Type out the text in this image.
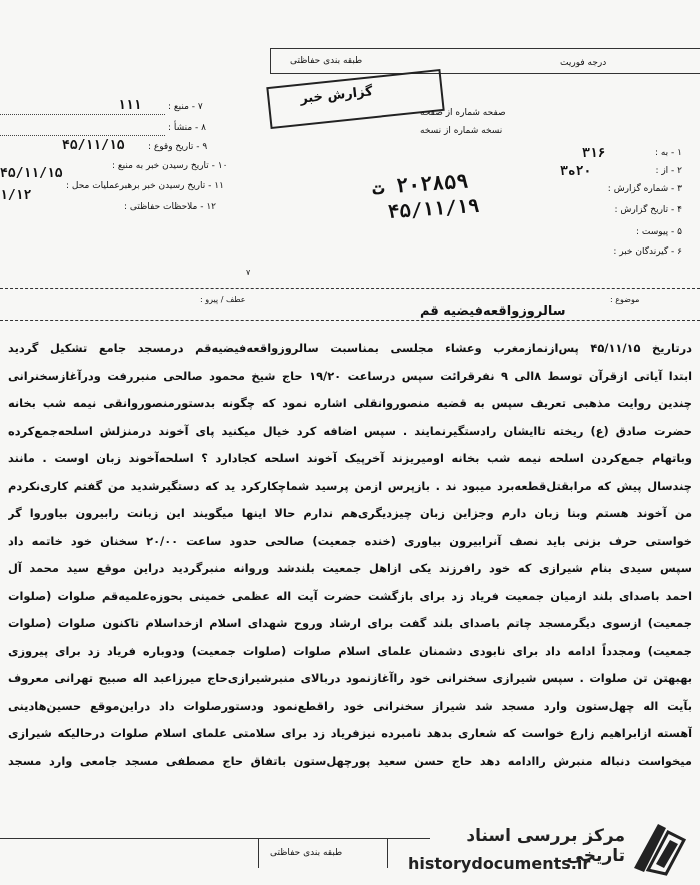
طبقه بندی حفاظتی	درجه فوریت
گزارش خبر
صفحه شماره از صفحه
نسخه شماره از نسخه
۱ - به :
۳۱۶
۲ - از :
۲۰ه۳
۳ - شماره گزارش :
۴ - تاریخ گزارش :
۵ - پیوست :
۶ - گیرندگان خبر :
۲۰۲۸۵۹ ت
۴۵/۱۱/۱۹
۷ - منبع :
۱۱۱
۸ - منشأ :
۹ - تاریخ وقوع :
۴۵/۱۱/۱۵
۱۰ - تاریخ رسیدن خبر به منبع :
۱۱ - تاریخ رسیدن خبر برهبرعملیات محل :
۴۵/۱۱/۱۵
۱۲ - ملاحظات حفاظتی :
۱/۱۲
۷
عطف / پیرو :	موضوع :
سالروزواقعه‌فیضیه قم
درتاریخ ۴۵/۱۱/۱۵ پس‌ازنمازمغرب وعشاء مجلسی بمناسبت سالروزواقعه‌فیضیه‌قم درمسجد جامع تشکیل گردید
ابتدا آیاتی ازقرآن توسط ۸الی ۹ نفرقرائت سپس درساعت ۱۹/۲۰ حاج شیخ محمود صالحی منبررفت ودرآغازسخنرانی
چندین روایت مذهبی تعریف سپس به قضیه منصوروانقلی اشاره نمود که چگونه بدستورمنصوروانقی نیمه شب بخانه
حضرت صادق (ع) ریخته تاایشان رادستگیرنمایند . سپس اضافه کرد خیال میکنید پای آخوند درمنزلش اسلحه‌جمع‌کرده
وباتهام جمع‌کردن اسلحه نیمه شب بخانه اومیریزند آخرپیک آخوند اسلحه کجادارد ؟ اسلحه‌آخوند زبان اوست . مانند
چندسال پیش که مرابقتل‌قطعه‌برد میبود ند . بازپرس ازمن پرسید شماچکارکرد ید که دستگیرشدید من گفتم کاری‌نکردم
من آخوند هستم وبنا زبان دارم وجزاین زبان چیزدیگری‌هم ندارم حالا اینها میگویند این زبانت رابیرون بیاوروا گر
خواستی حرف بزنی باید نصف آنرابیرون بیاوری (خنده جمعیت) صالحی حدود ساعت ۲۰/۰۰ سخنان خود خاتمه داد
سپس سیدی بنام شیرازی که خود رافرزند یکی ازاهل جمعیت بلندشد وروانه منبرگردید دراین موقع سید محمد آل
احمد باصدای بلند ازمیان جمعیت فریاد زد برای بازگشت حضرت آیت اله عظمی خمینی بحوزه‌علمیه‌قم صلوات (صلوات
جمعیت) ازسوی دیگرمسجد چاتم باصدای بلند گفت برای ارشاد وروح شهدای اسلام ازخداسلام تاکنون صلوات (صلوات
جمعیت) ومجدداً ادامه داد برای نابودی دشمنان علمای اسلام صلوات (صلوات جمعیت) ودوباره فریاد زد برای پیروزی
بهبهتن تن صلوات . سپس شیرازی سخنرانی خود راآغازنمود دربالای منبرشیرازی‌حاج میرزاعبد اله صبیح تهرانی معروف
بآیت اله چهل‌ستون وارد مسجد شد شیراز سخنرانی خود راقطع‌نمود ودستورصلوات داد دراین‌موقع حسین‌هادینی
آهسته ازابراهیم زارع خواست که شعاری بدهد نامبرده نیزفریاد زد برای سلامتی علمای اسلام صلوات درحالیکه شیرازی
میخواست دنباله منبرش راادامه دهد حاج حسن سعید پورچهل‌ستون باتفاق حاج مصطفی مسجد جامعی وارد مسجد
طبقه بندی حفاظتی
مرکز بررسی اسناد تاریخی
historydocuments.ir
